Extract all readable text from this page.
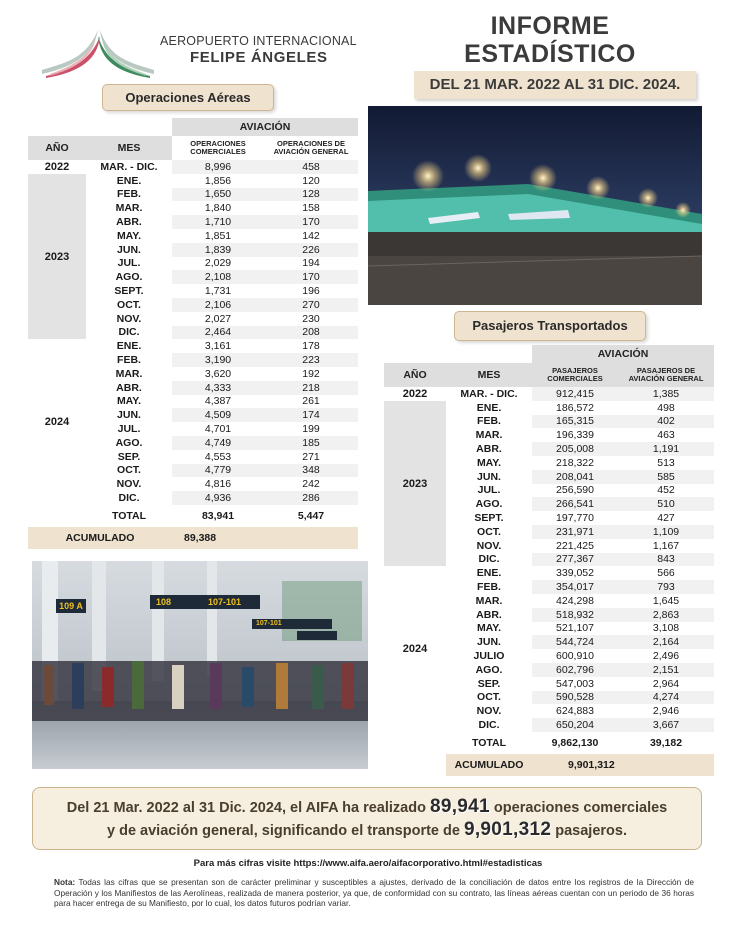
AEROPUERTO INTERNACIONAL
FELIPE ÁNGELES
INFORME
ESTADÍSTICO
DEL 21 MAR. 2022 AL 31 DIC. 2024.
Operaciones Aéreas
Pasajeros Transportados
		AVIACIÓN	
AÑO	MES	OPERACIONES COMERCIALES	OPERACIONES DE AVIACIÓN GENERAL
2022	MAR. - DIC.	8,996	458
2023	ENE.	1,856	120
	FEB.	1,650	128
	MAR.	1,840	158
	ABR.	1,710	170
	MAY.	1,851	142
	JUN.	1,839	226
	JUL.	2,029	194
	AGO.	2,108	170
	SEPT.	1,731	196
	OCT.	2,106	270
	NOV.	2,027	230
	DIC.	2,464	208
2024	ENE.	3,161	178
	FEB.	3,190	223
	MAR.	3,620	192
	ABR.	4,333	218
	MAY.	4,387	261
	JUN.	4,509	174
	JUL.	4,701	199
	AGO.	4,749	185
	SEP.	4,553	271
	OCT.	4,779	348
	NOV.	4,816	242
	DIC.	4,936	286
	TOTAL	83,941	5,447
ACUMULADO		89,388	
		AVIACIÓN	
AÑO	MES	PASAJEROS COMERCIALES	PASAJEROS DE AVIACIÓN GENERAL
2022	MAR. - DIC.	912,415	1,385
2023	ENE.	186,572	498
	FEB.	165,315	402
	MAR.	196,339	463
	ABR.	205,008	1,191
	MAY.	218,322	513
	JUN.	208,041	585
	JUL.	256,590	452
	AGO.	266,541	510
	SEPT.	197,770	427
	OCT.	231,971	1,109
	NOV.	221,425	1,167
	DIC.	277,367	843
2024	ENE.	339,052	566
	FEB.	354,017	793
	MAR.	424,298	1,645
	ABR.	518,932	2,863
	MAY.	521,107	3,108
	JUN.	544,724	2,164
	JULIO	600,910	2,496
	AGO.	602,796	2,151
	SEP.	547,003	2,964
	OCT.	590,528	4,274
	NOV.	624,883	2,946
	DIC.	650,204	3,667
	TOTAL	9,862,130	39,182
	ACUMULADO	9,901,312	
109 A	108	107-101
107-101
Del 21 Mar. 2022 al 31 Dic. 2024, el AIFA ha realizado 89,941 operaciones comerciales
y de aviación general, significando el transporte de 9,901,312 pasajeros.
Para más cifras visite https://www.aifa.aero/aifacorporativo.html#estadisticas
Nota: Todas las cifras que se presentan son de carácter preliminar y susceptibles a ajustes, derivado de la conciliación de datos entre los registros de la Dirección de Operación y los Manifiestos de las Aerolíneas, realizada de manera posterior, ya que, de conformidad con su contrato, las líneas aéreas cuentan con un periodo de 36 horas para hacer entrega de su Manifiesto, por lo cual, los datos futuros podrían variar.
